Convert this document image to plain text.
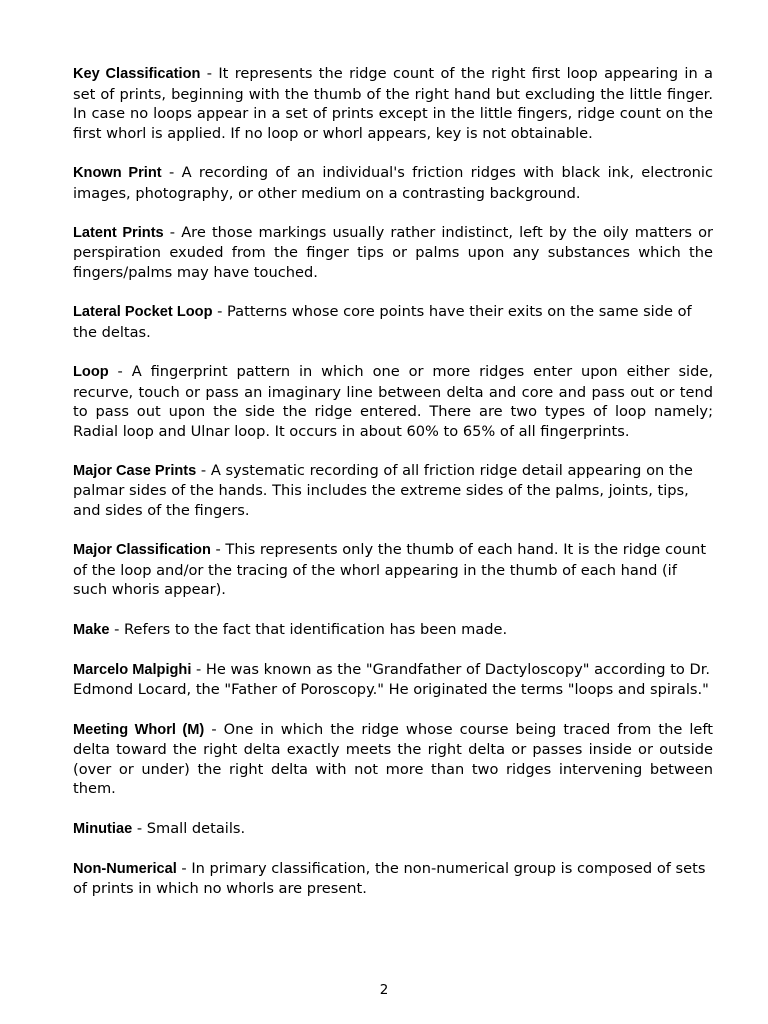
Key Classification - It represents the ridge count of the right first loop appearing in a set of prints, beginning with the thumb of the right hand but excluding the little finger. In case no loops appear in a set of prints except in the little fingers, ridge count on the first whorl is applied. If no loop or whorl appears, key is not obtainable.

Known Print - A recording of an individual's friction ridges with black ink, electronic images, photography, or other medium on a contrasting background.

Latent Prints - Are those markings usually rather indistinct, left by the oily matters or perspiration exuded from the finger tips or palms upon any substances which the fingers/palms may have touched.

Lateral Pocket Loop - Patterns whose core points have their exits on the same side of the deltas.

Loop - A fingerprint pattern in which one or more ridges enter upon either side, recurve, touch or pass an imaginary line between delta and core and pass out or tend to pass out upon the side the ridge entered. There are two types of loop namely; Radial loop and Ulnar loop. It occurs in about 60% to 65% of all fingerprints.

Major Case Prints - A systematic recording of all friction ridge detail appearing on the palmar sides of the hands. This includes the extreme sides of the palms, joints, tips, and sides of the fingers.

Major Classification - This represents only the thumb of each hand. It is the ridge count of the loop and/or the tracing of the whorl appearing in the thumb of each hand (if such whoris appear).

Make - Refers to the fact that identification has been made.

Marcelo Malpighi - He was known as the "Grandfather of Dactyloscopy" according to Dr. Edmond Locard, the "Father of Poroscopy." He originated the terms "loops and spirals."

Meeting Whorl (M) - One in which the ridge whose course being traced from the left delta toward the right delta exactly meets the right delta or passes inside or outside (over or under) the right delta with not more than two ridges intervening between them.

Minutiae - Small details.

Non-Numerical - In primary classification, the non-numerical group is composed of sets of prints in which no whorls are present.

2
